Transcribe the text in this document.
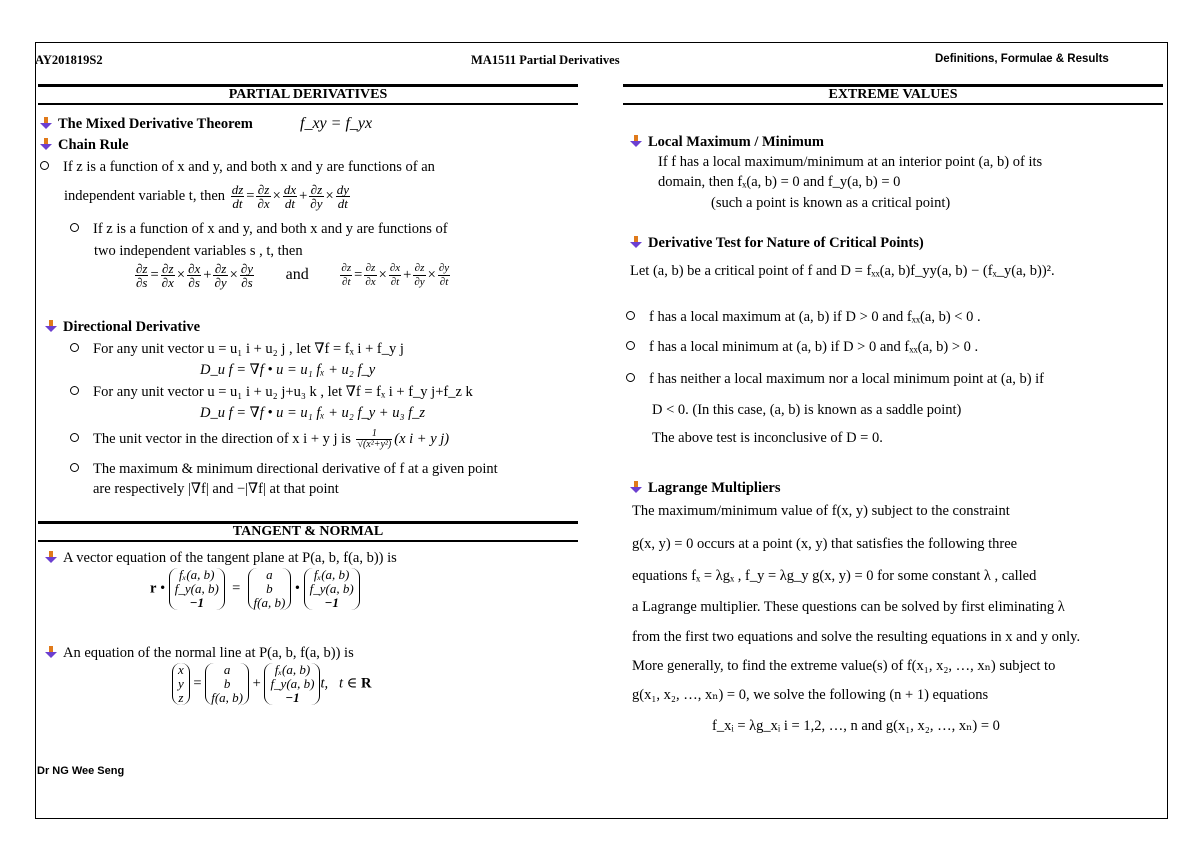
AY201819S2	MA1511 Partial Derivatives	Definitions, Formulae & Results
PARTIAL DERIVATIVES
The Mixed Derivative Theorem	f_xy = f_yx
Chain Rule
If z is a function of x and y, and both x and y are functions of an
independent variable t, then $\frac{dz}{dt} = \frac{\partial z}{\partial x} \times \frac{dx}{dt} + \frac{\partial z}{\partial y} \times \frac{dy}{dt}$
If z is a function of x and y, and both x and y are functions of
two independent variables s , t, then
$\frac{\partial z}{\partial s} = \frac{\partial z}{\partial x} \times \frac{\partial x}{\partial s} + \frac{\partial z}{\partial y} \times \frac{\partial y}{\partial s}$ and	$\frac{\partial z}{\partial t} = \frac{\partial z}{\partial x} \times \frac{\partial x}{\partial t} + \frac{\partial z}{\partial y} \times \frac{\partial y}{\partial t}$
Directional Derivative
For any unit vector u = u₁ i + u₂ j , let ∇f = fₓ i + f_y j
D_u f = ∇f • u = u₁ fₓ + u₂ f_y
For any unit vector u = u₁ i + u₂ j+u₃ k , let ∇f = fₓ i + f_y j+f_z k
D_u f = ∇f • u = u₁ fₓ + u₂ f_y + u₃ f_z
The unit vector in the direction of x i + y j is $\frac{1}{\text{√(x²+y²)}} (x$ i + y j)
The maximum & minimum directional derivative of f at a given point
are respectively |∇f| and −|∇f| at that point
TANGENT & NORMAL
A vector equation of the tangent plane at P(a, b, f(a, b)) is
r • fₓ(a, b)
f_y(a, b)
−1  =  a
b
f(a, b) • fₓ(a, b)
f_y(a, b)
−1
An equation of the normal line at P(a, b, f(a, b)) is
x
y
z = a
b
f(a, b) + fₓ(a, b)
f_y(a, b)
−1t,   t ∈ R
Dr NG Wee Seng
EXTREME VALUES
Local Maximum / Minimum
If f has a local maximum/minimum at an interior point (a, b) of its
domain, then fₓ(a, b) = 0 and f_y(a, b) = 0
(such a point is known as a critical point)
Derivative Test for Nature of Critical Points)
Let (a, b) be a critical point of f and D = fₓₓ(a, b)f_yy(a, b) − (fₓ_y(a, b))².
f has a local maximum at (a, b) if D > 0 and fₓₓ(a, b) < 0 .
f has a local minimum at (a, b) if D > 0 and fₓₓ(a, b) > 0 .
f has neither a local maximum nor a local minimum point at (a, b) if
D < 0. (In this case, (a, b) is known as a saddle point)
The above test is inconclusive of D = 0.
Lagrange Multipliers
The maximum/minimum value of f(x, y) subject to the constraint
g(x, y) = 0 occurs at a point (x, y) that satisfies the following three
equations fₓ = λgₓ , f_y = λg_y g(x, y) = 0 for some constant λ , called
a Lagrange multiplier. These questions can be solved by first eliminating λ
from the first two equations and solve the resulting equations in x and y only.
More generally, to find the extreme value(s) of f(x₁, x₂, …, xₙ) subject to
g(x₁, x₂, …, xₙ) = 0, we solve the following (n + 1) equations
f_xᵢ = λg_xᵢ i = 1,2, …, n and g(x₁, x₂, …, xₙ) = 0
